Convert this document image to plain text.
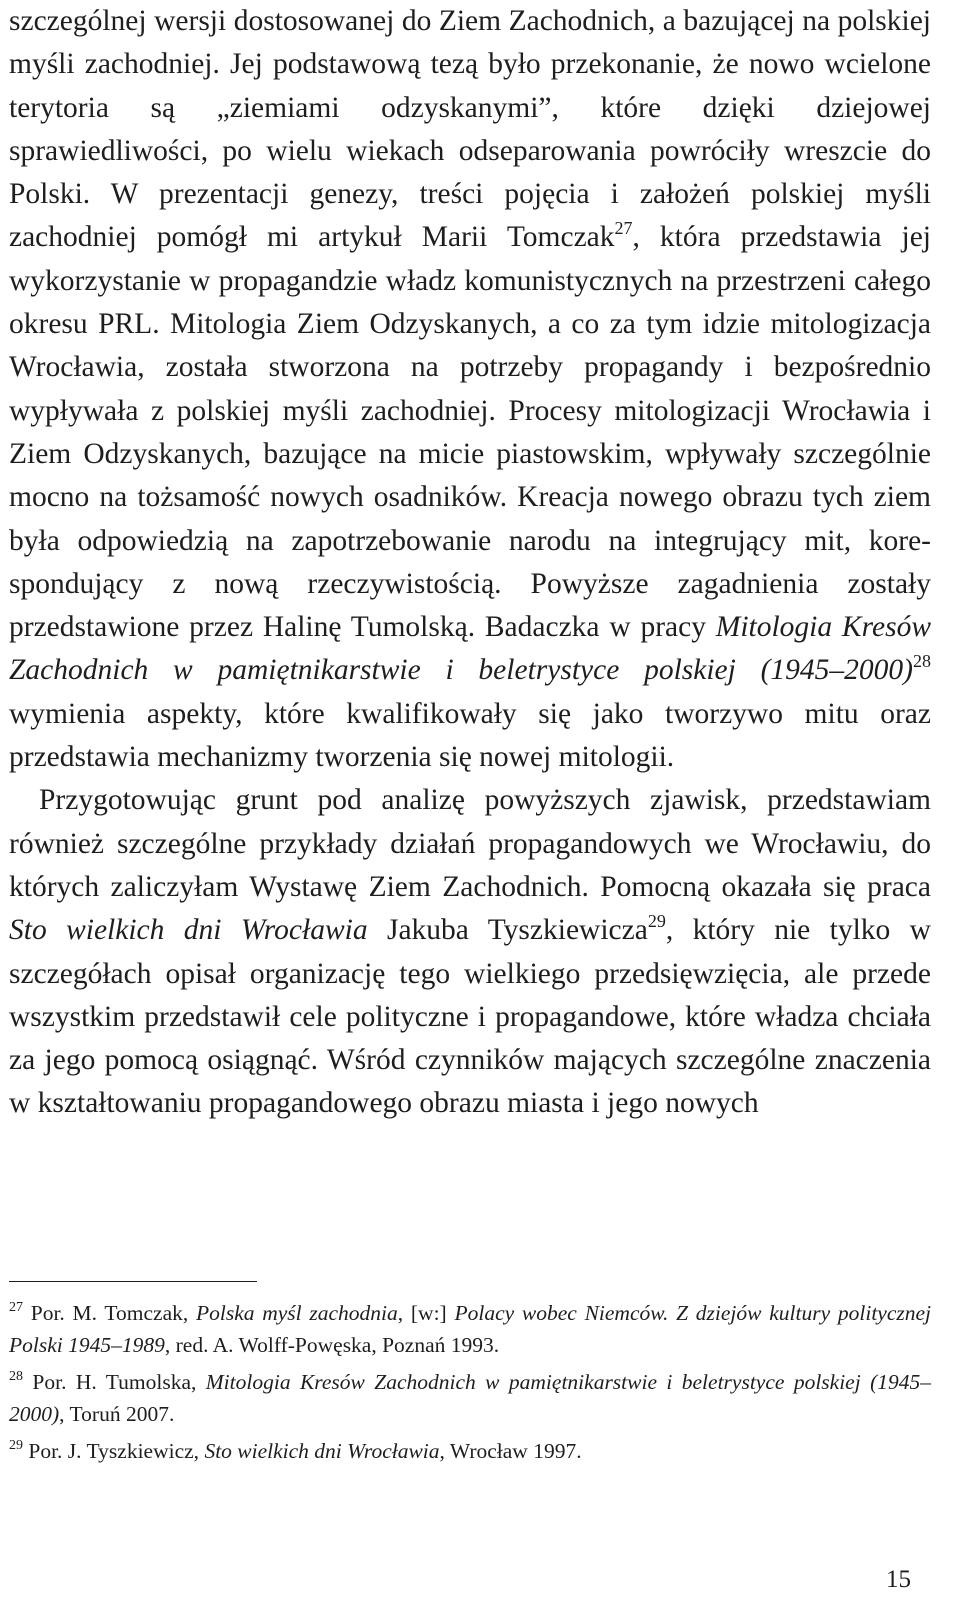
szczególnej wersji dostosowanej do Ziem Zachodnich, a bazującej na polskiej myśli zachodniej. Jej podstawową tezą było przekonanie, że nowo wcielone terytoria są „ziemiami odzyskanymi”, które dzięki dziejowej sprawiedliwości, po wielu wiekach odseparowania powróciły wreszcie do Polski. W prezentacji genezy, treści pojęcia i założeń polskiej myśli zachodniej pomógł mi artykuł Marii Tomczak$^{27}$, która przedstawia jej wykorzystanie w propagandzie władz komunistycznych na przestrzeni całego okresu PRL. Mitologia Ziem Odzyskanych, a co za tym idzie mitologizacja Wrocławia, została stworzona na potrzeby propagandy i bezpośrednio wypływała z polskiej myśli zachodniej. Procesy mitologizacji Wrocławia i Ziem Odzyskanych, bazujące na micie piastowskim, wpływały szczególnie mocno na tożsamość nowych osadników. Kreacja nowego obrazu tych ziem była odpowiedzią na zapotrzebowanie narodu na integrujący mit, korespondujący z nową rzeczywistością. Powyższe zagadnienia zostały przedstawione przez Halinę Tumolską. Badaczka w pracy Mitologia Kresów Zachodnich w pamiętnikarstwie i beletrystyce polskiej (1945–2000)$^{28}$ wymienia aspekty, które kwalifikowały się jako tworzywo mitu oraz przedstawia mechanizmy tworzenia się nowej mitologii.

Przygotowując grunt pod analizę powyższych zjawisk, przedstawiam również szczególne przykłady działań propagandowych we Wrocławiu, do których zaliczyłam Wystawę Ziem Zachodnich. Pomocną okazała się praca Sto wielkich dni Wrocławia Jakuba Tyszkiewicza$^{29}$, który nie tylko w szczegółach opisał organizację tego wielkiego przedsięwzięcia, ale przede wszystkim przedstawił cele polityczne i propagandowe, które władza chciała za jego pomocą osiągnąć. Wśród czynników mających szczególne znaczenia w kształtowaniu propagandowego obrazu miasta i jego nowych

$^{27}$ Por. M. Tomczak, Polska myśl zachodnia, [w:] Polacy wobec Niemców. Z dziejów kultury politycznej Polski 1945–1989, red. A. Wolff-Powęska, Poznań 1993.

$^{28}$ Por. H. Tumolska, Mitologia Kresów Zachodnich w pamiętnikarstwie i beletrystyce polskiej (1945–2000), Toruń 2007.

$^{29}$ Por. J. Tyszkiewicz, Sto wielkich dni Wrocławia, Wrocław 1997.

15
